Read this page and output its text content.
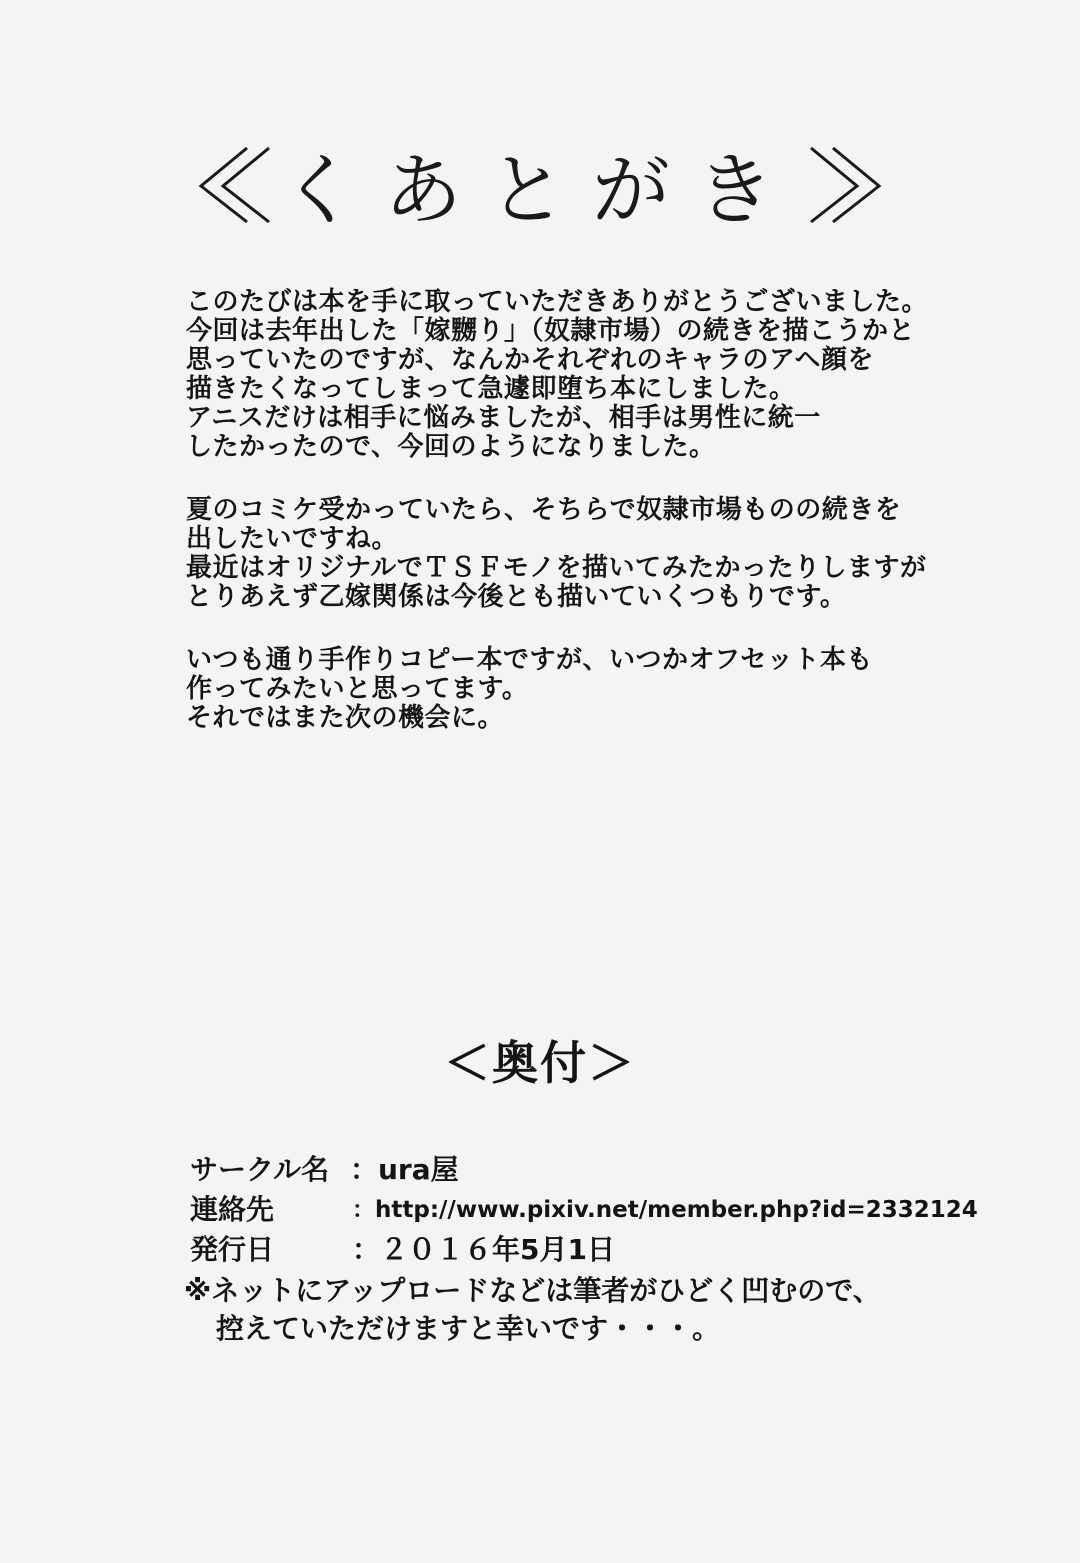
くあとがき
このたびは本を手に取っていただきありがとうございました。
今回は去年出した「嫁嬲り」（奴隷市場）の続きを描こうかと
思っていたのですが、なんかそれぞれのキャラのアヘ顔を
描きたくなってしまって急遽即堕ち本にしました。
アニスだけは相手に悩みましたが、相手は男性に統一
したかったので、今回のようになりました。
夏のコミケ受かっていたら、そちらで奴隷市場ものの続きを
出したいですね。
最近はオリジナルでＴＳＦモノを描いてみたかったりしますが
とりあえず乙嫁関係は今後とも描いていくつもりです。
いつも通り手作りコピー本ですが、いつかオフセット本も
作ってみたいと思ってます。
それではまた次の機会に。
＜奥付＞
サークル名 ：ura屋
連絡先	：http://www.pixiv.net/member.php?id=2332124
発行日	：２０１６年5月1日
※ネットにアップロードなどは筆者がひどく凹むので、
控えていただけますと幸いです・・・。
